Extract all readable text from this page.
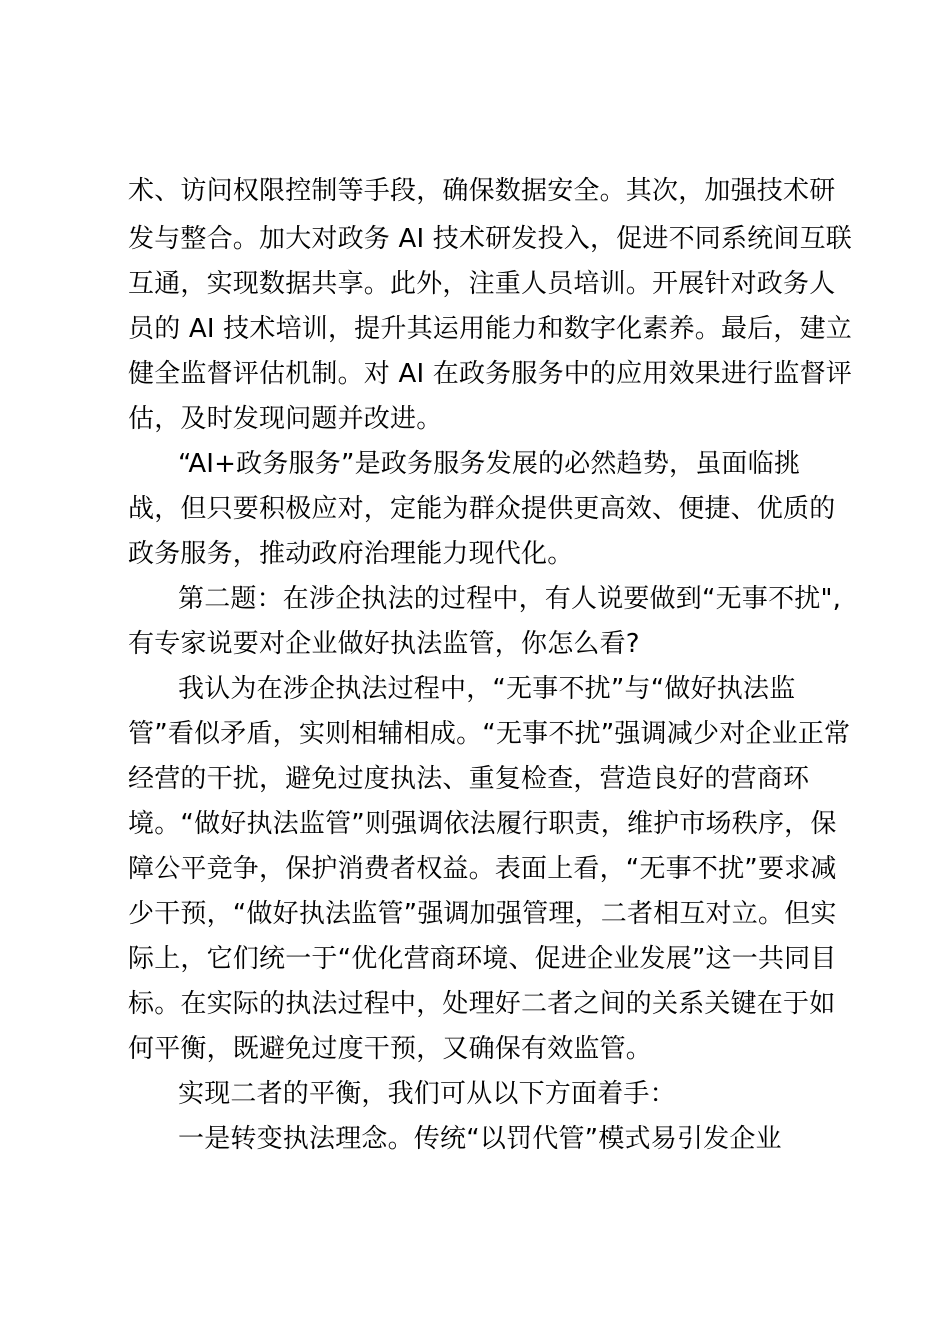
术、访问权限控制等手段，确保数据安全。其次，加强技术研
发与整合。加大对政务 AI 技术研发投入，促进不同系统间互联
互通，实现数据共享。此外，注重人员培训。开展针对政务人
员的 AI 技术培训，提升其运用能力和数字化素养。最后，建立
健全监督评估机制。对 AI 在政务服务中的应用效果进行监督评
估，及时发现问题并改进。
“AI+政务服务”是政务服务发展的必然趋势，虽面临挑
战，但只要积极应对，定能为群众提供更高效、便捷、优质的
政务服务，推动政府治理能力现代化。
第二题：在涉企执法的过程中，有人说要做到“无事不扰",
有专家说要对企业做好执法监管，你怎么看?
我认为在涉企执法过程中，“无事不扰”与“做好执法监
管”看似矛盾，实则相辅相成。“无事不扰”强调减少对企业正常
经营的干扰，避免过度执法、重复检查，营造良好的营商环
境。“做好执法监管”则强调依法履行职责，维护市场秩序，保
障公平竞争，保护消费者权益。表面上看，“无事不扰”要求减
少干预，“做好执法监管”强调加强管理，二者相互对立。但实
际上，它们统一于“优化营商环境、促进企业发展”这一共同目
标。在实际的执法过程中，处理好二者之间的关系关键在于如
何平衡，既避免过度干预，又确保有效监管。
实现二者的平衡，我们可从以下方面着手：
一是转变执法理念。传统“以罚代管”模式易引发企业
